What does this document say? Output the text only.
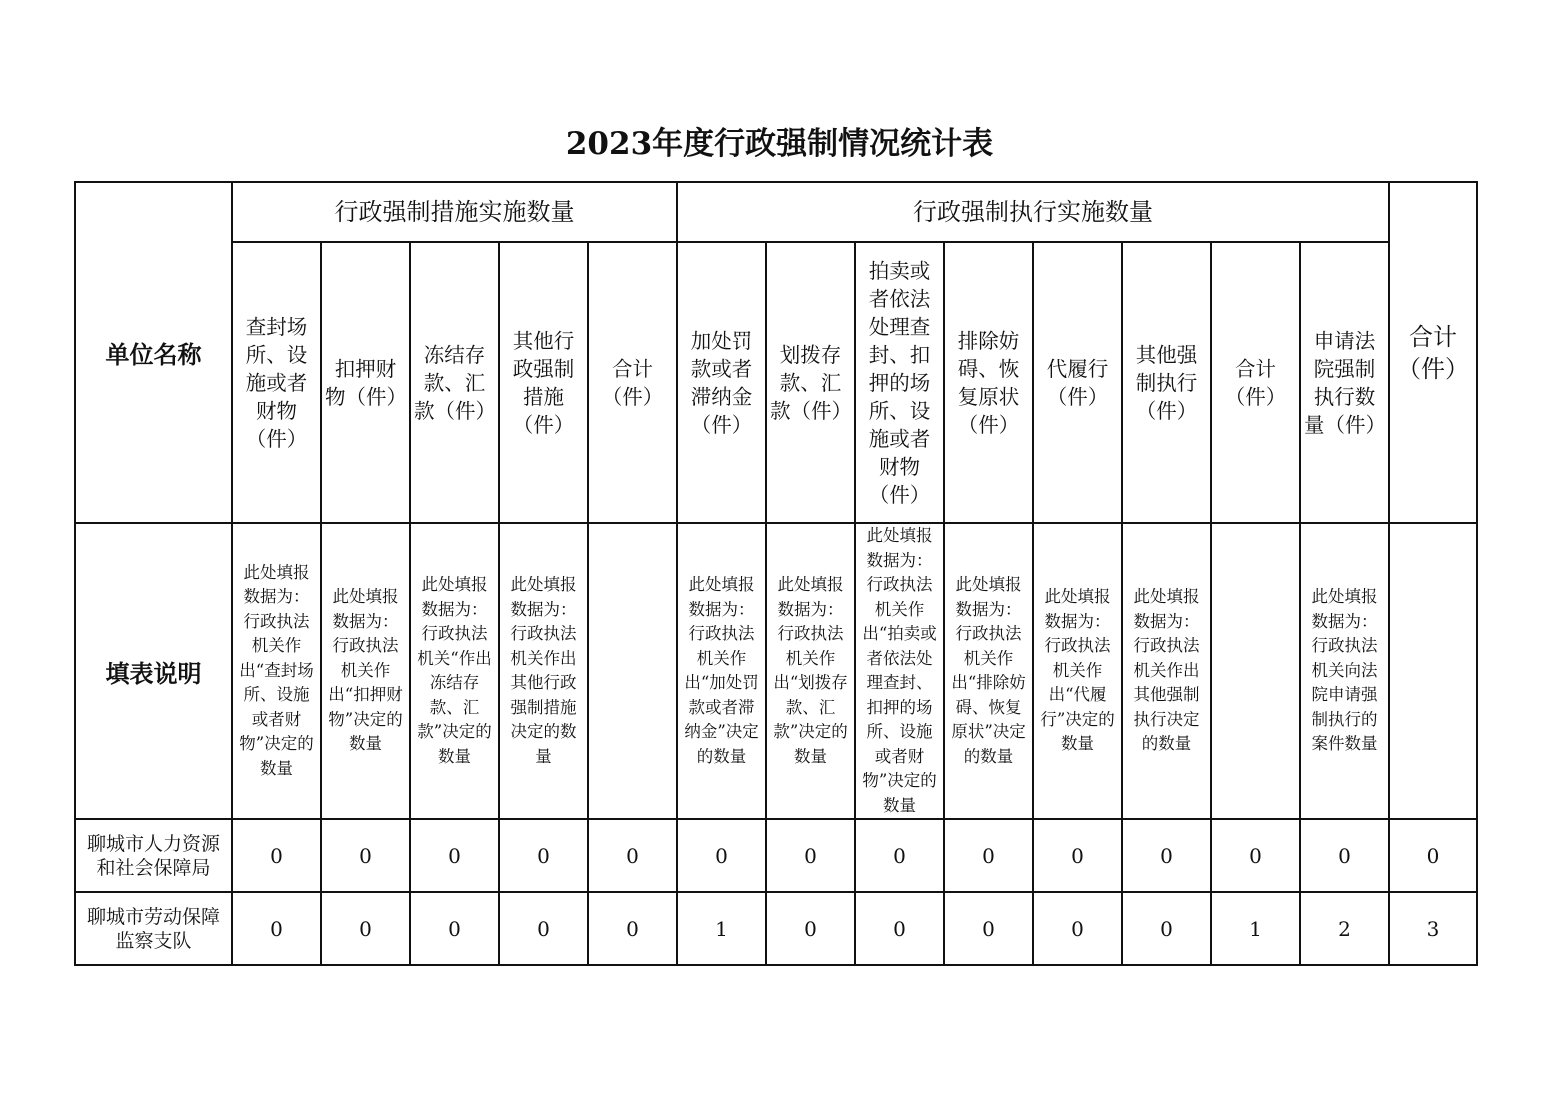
2023年度行政强制情况统计表
单位名称	行政强制措施实施数量					行政强制执行实施数量								合计（件）
	查封场所、设施或者财物（件）	扣押财物（件）	冻结存款、汇款（件）	其他行政强制措施（件）	合计（件）	加处罚款或者滞纳金（件）	划拨存款、汇款（件）	拍卖或者依法处理查封、扣押的场所、设施或者财物（件）	排除妨碍、恢复原状（件）	代履行（件）	其他强制执行（件）	合计（件）	申请法院强制执行数量（件）	
填表说明	此处填报数据为：行政执法机关作出“查封场所、设施或者财物”决定的数量	此处填报数据为：行政执法机关作出“扣押财物”决定的数量	此处填报数据为：行政执法机关“作出冻结存款、汇款”决定的数量	此处填报数据为：行政执法机关作出其他行政强制措施决定的数量		此处填报数据为：行政执法机关作出“加处罚款或者滞纳金”决定的数量	此处填报数据为：行政执法机关作出“划拨存款、汇款”决定的数量	此处填报数据为：行政执法机关作出“拍卖或者依法处理查封、扣押的场所、设施或者财物”决定的数量	此处填报数据为：行政执法机关作出“排除妨碍、恢复原状”决定的数量	此处填报数据为：行政执法机关作出“代履行”决定的数量	此处填报数据为：行政执法机关作出其他强制执行决定的数量		此处填报数据为：行政执法机关向法院申请强制执行的案件数量	
聊城市人力资源和社会保障局	0	0	0	0	0	0	0	0	0	0	0	0	0	0
聊城市劳动保障监察支队	0	0	0	0	0	1	0	0	0	0	0	1	2	3
